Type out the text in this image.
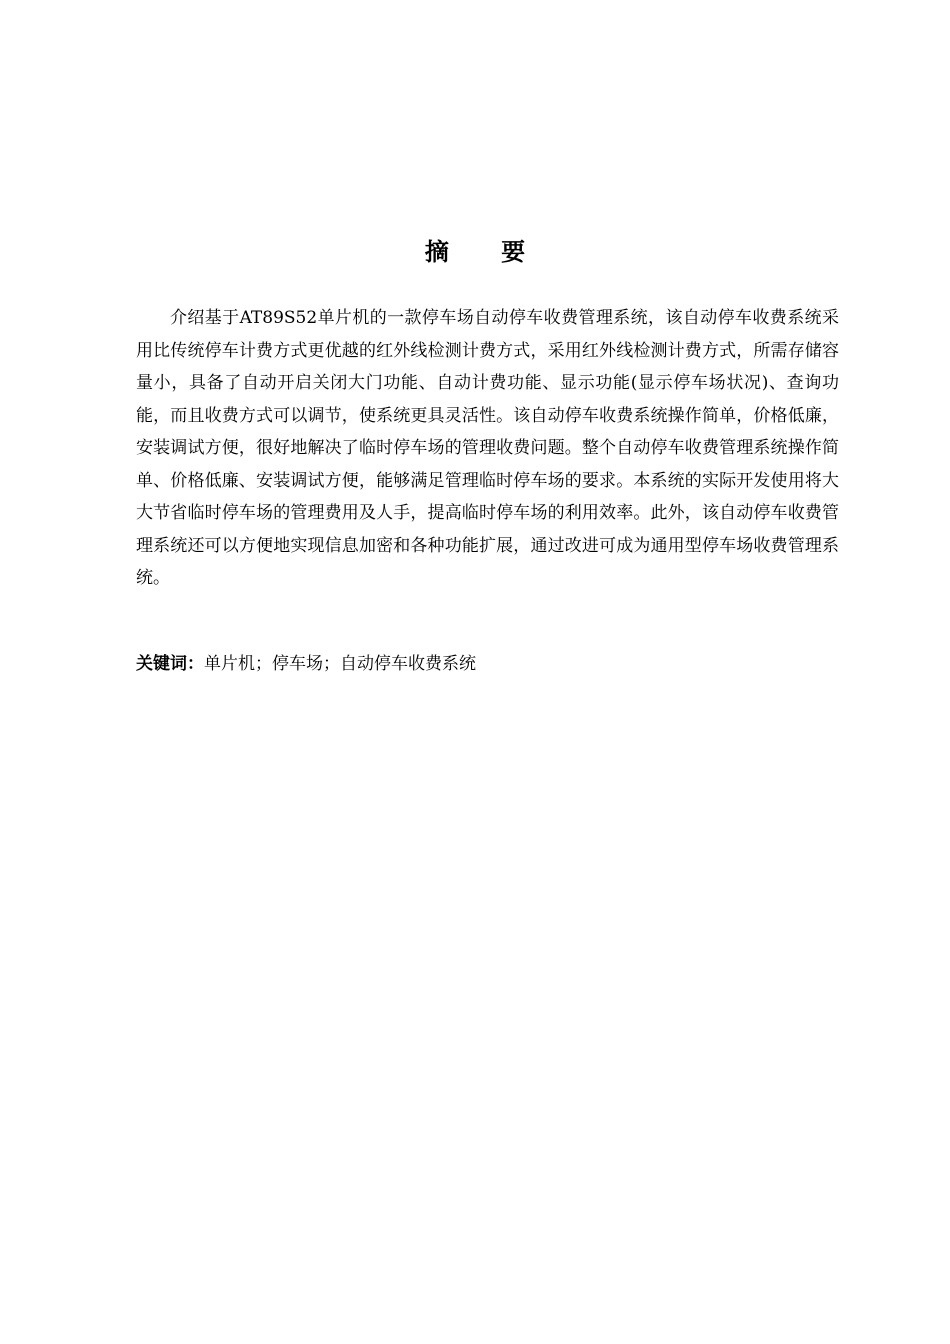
摘 要

介绍基于AT89S52单片机的一款停车场自动停车收费管理系统，该自动停车收费系统采用比传统停车计费方式更优越的红外线检测计费方式，采用红外线检测计费方式，所需存储容量小，具备了自动开启关闭大门功能、自动计费功能、显示功能(显示停车场状况)、查询功能，而且收费方式可以调节，使系统更具灵活性。该自动停车收费系统操作简单，价格低廉，安装调试方便，很好地解决了临时停车场的管理收费问题。整个自动停车收费管理系统操作简单、价格低廉、安装调试方便，能够满足管理临时停车场的要求。本系统的实际开发使用将大大节省临时停车场的管理费用及人手，提高临时停车场的利用效率。此外，该自动停车收费管理系统还可以方便地实现信息加密和各种功能扩展，通过改进可成为通用型停车场收费管理系统。

关键词：单片机；停车场；自动停车收费系统
